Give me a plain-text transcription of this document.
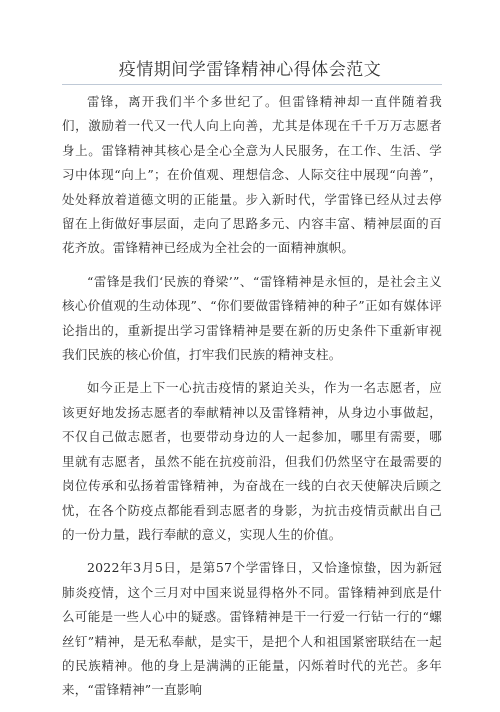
疫情期间学雷锋精神心得体会范文

雷锋，离开我们半个多世纪了。但雷锋精神却一直伴随着我们，激励着一代又一代人向上向善，尤其是体现在千千万万志愿者身上。雷锋精神其核心是全心全意为人民服务，在工作、生活、学习中体现“向上”；在价值观、理想信念、人际交往中展现“向善”，处处释放着道德文明的正能量。步入新时代，学雷锋已经从过去停留在上街做好事层面，走向了思路多元、内容丰富、精神层面的百花齐放。雷锋精神已经成为全社会的一面精神旗帜。

“雷锋是我们‘民族的脊梁’”、“雷锋精神是永恒的，是社会主义核心价值观的生动体现”、“你们要做雷锋精神的种子”正如有媒体评论指出的，重新提出学习雷锋精神是要在新的历史条件下重新审视我们民族的核心价值，打牢我们民族的精神支柱。

如今正是上下一心抗击疫情的紧迫关头，作为一名志愿者，应该更好地发扬志愿者的奉献精神以及雷锋精神，从身边小事做起，不仅自己做志愿者，也要带动身边的人一起参加，哪里有需要，哪里就有志愿者，虽然不能在抗疫前沿，但我们仍然坚守在最需要的岗位传承和弘扬着雷锋精神，为奋战在一线的白衣天使解决后顾之忧，在各个防疫点都能看到志愿者的身影，为抗击疫情贡献出自己的一份力量，践行奉献的意义，实现人生的价值。

2022年3月5日，是第57个学雷锋日，又恰逢惊蛰，因为新冠肺炎疫情，这个三月对中国来说显得格外不同。雷锋精神到底是什么可能是一些人心中的疑惑。雷锋精神是干一行爱一行钻一行的“螺丝钉”精神，是无私奉献，是实干，是把个人和祖国紧密联结在一起的民族精神。他的身上是满满的正能量，闪烁着时代的光芒。多年来，“雷锋精神”一直影响
